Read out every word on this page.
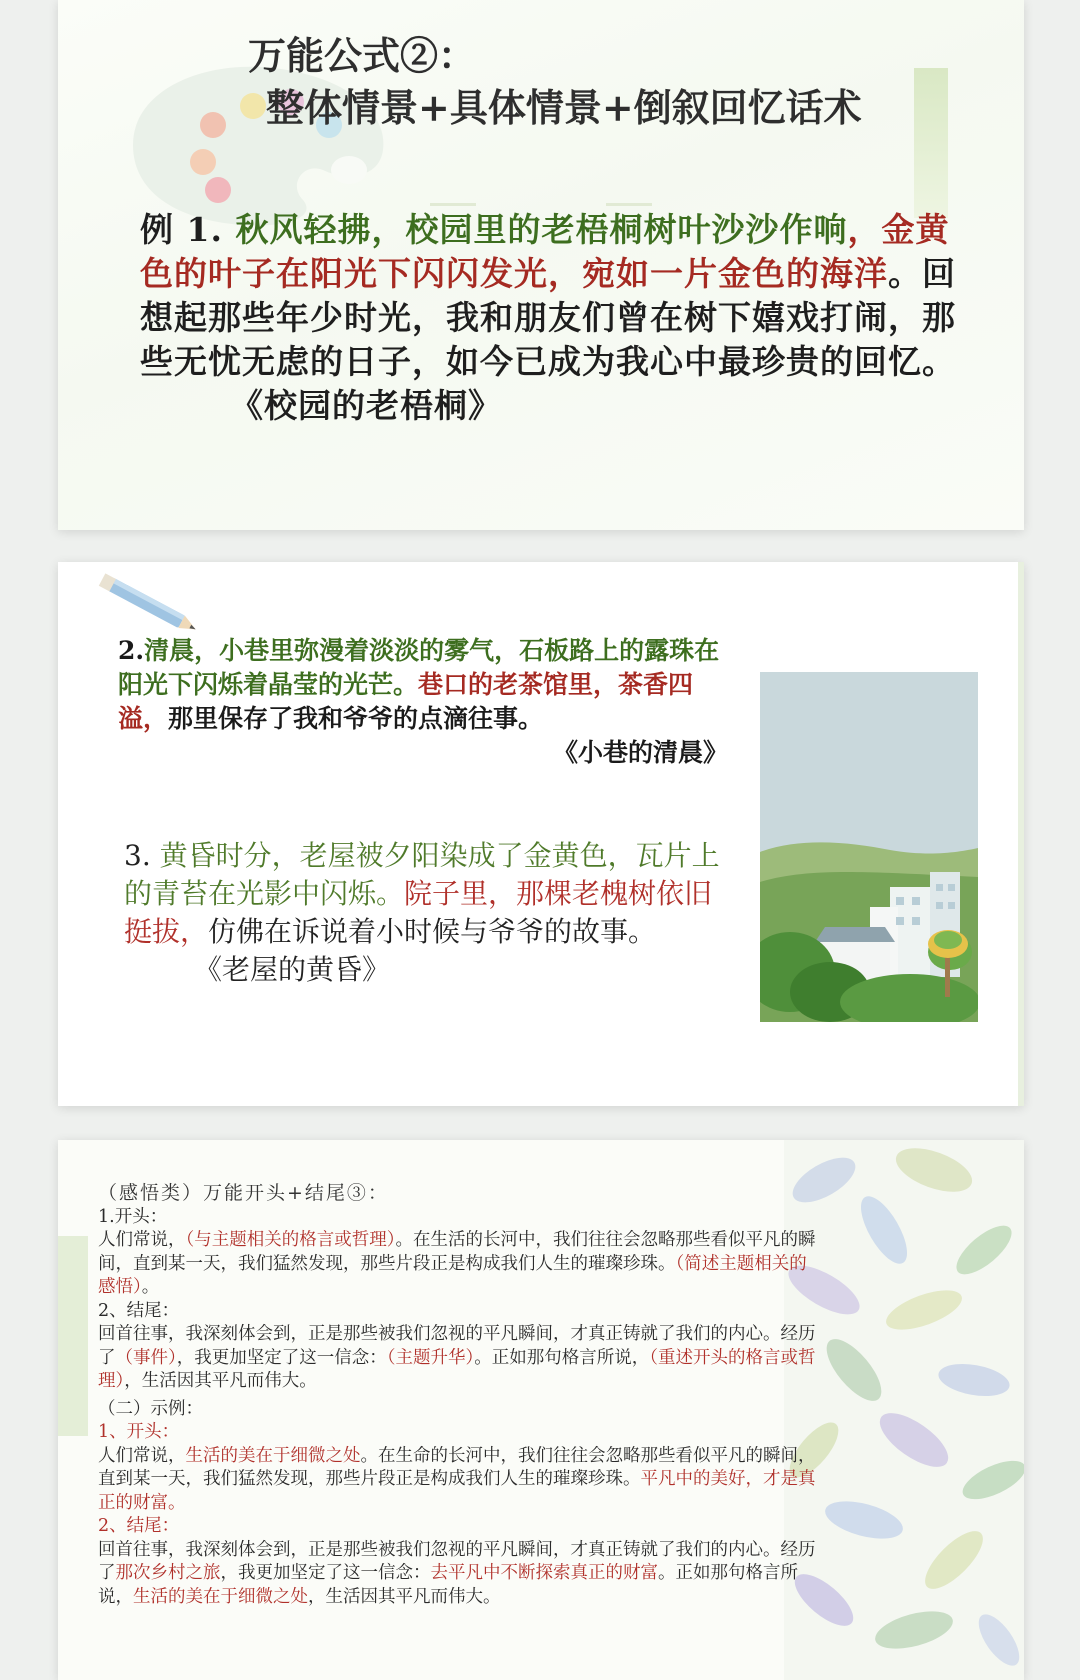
万能公式②：
整体情景+具体情景+倒叙回忆话术
例 1. 秋风轻拂，校园里的老梧桐树叶沙沙作响，金黄色的叶子在阳光下闪闪发光，宛如一片金色的海洋。回想起那些年少时光，我和朋友们曾在树下嬉戏打闹，那些无忧无虑的日子，如今已成为我心中最珍贵的回忆。《校园的老梧桐》
2.清晨，小巷里弥漫着淡淡的雾气，石板路上的露珠在阳光下闪烁着晶莹的光芒。巷口的老茶馆里，茶香四溢，那里保存了我和爷爷的点滴往事。
《小巷的清晨》
3. 黄昏时分，老屋被夕阳染成了金黄色，瓦片上的青苔在光影中闪烁。院子里，那棵老槐树依旧挺拔，仿佛在诉说着小时候与爷爷的故事。《老屋的黄昏》
（感悟类）万能开头+结尾③：
1.开头：
人们常说，（与主题相关的格言或哲理）。在生活的长河中，我们往往会忽略那些看似平凡的瞬间，直到某一天，我们猛然发现，那些片段正是构成我们人生的璀璨珍珠。（简述主题相关的感悟）。
2、结尾：
回首往事，我深刻体会到，正是那些被我们忽视的平凡瞬间，才真正铸就了我们的内心。经历了（事件），我更加坚定了这一信念：（主题升华）。正如那句格言所说，（重述开头的格言或哲理），生活因其平凡而伟大。
（二）示例：
1、开头：
人们常说，生活的美在于细微之处。在生命的长河中，我们往往会忽略那些看似平凡的瞬间，直到某一天，我们猛然发现，那些片段正是构成我们人生的璀璨珍珠。平凡中的美好，才是真正的财富。
2、结尾：
回首往事，我深刻体会到，正是那些被我们忽视的平凡瞬间，才真正铸就了我们的内心。经历了那次乡村之旅，我更加坚定了这一信念：去平凡中不断探索真正的财富。正如那句格言所说，生活的美在于细微之处，生活因其平凡而伟大。
